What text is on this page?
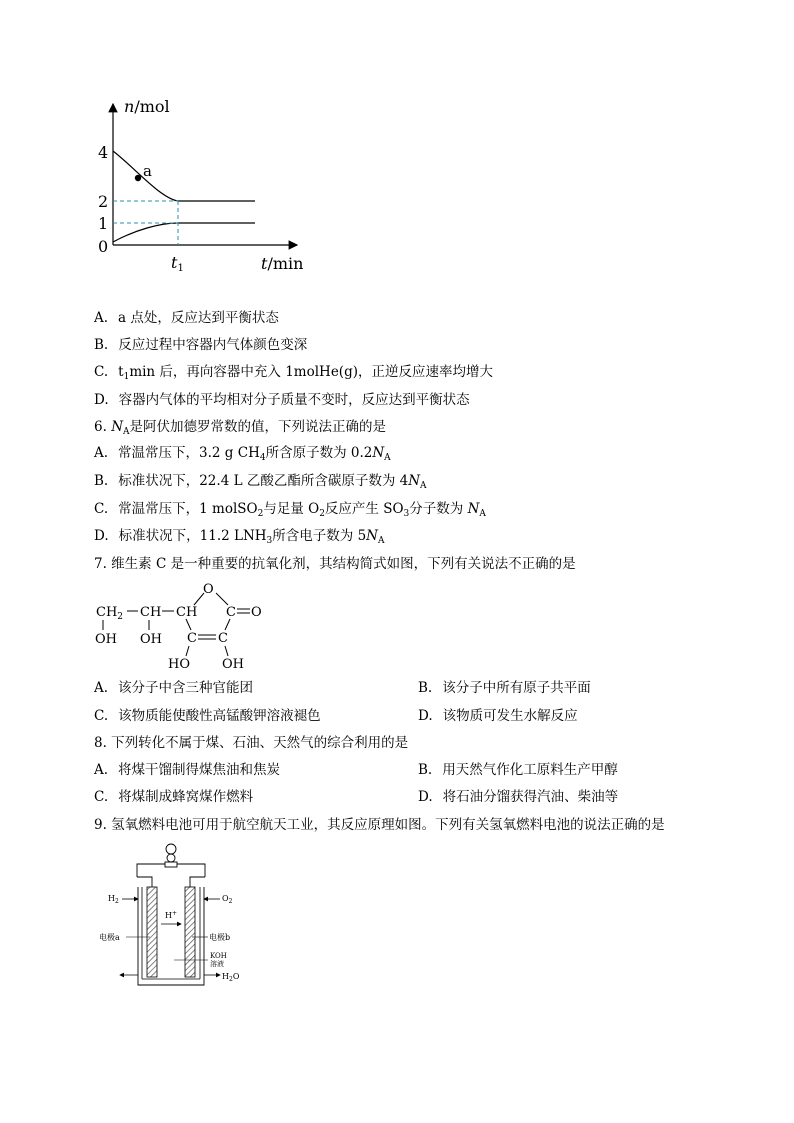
n/mol
4
2
1
0
a
t1	t/min
A. a 点处，反应达到平衡状态
B. 反应过程中容器内气体颜色变深
C. $t_1\min$ 后，再向容器中充入 1molHe(g)，正逆反应速率均增大
D. 容器内气体的平均相对分子质量不变时，反应达到平衡状态
6. $N_A$是阿伏加德罗常数的值，下列说法正确的是
A. 常温常压下，3.2 g $CH_4$所含原子数为 $0.2N_A$
B. 标准状况下，22.4 L 乙酸乙酯所含碳原子数为 $4N_A$
C. 常温常压下，1 molSO$_2$与足量 $O_2$反应产生 $SO_3$分子数为 $N_A$
D. 标准状况下，11.2 $LNH_3$所含电子数为 $5N_A$
7. 维生素 C 是一种重要的抗氧化剂，其结构简式如图，下列有关说法不正确的是
$CH_2$ CH CH
O
C O
C C
OH OH
HO OH
A. 该分子中含三种官能团	B. 该分子中所有原子共平面
C. 该物质能使酸性高锰酸钾溶液褪色	D. 该物质可发生水解反应
8. 下列转化不属于煤、石油、天然气的综合利用的是
A. 将煤干馏制得煤焦油和焦炭	B. 用天然气作化工原料生产甲醇
C. 将煤制成蜂窝煤作燃料	D. 将石油分馏获得汽油、柴油等
9. 氢氧燃料电池可用于航空航天工业，其反应原理如图。下列有关氢氧燃料电池的说法正确的是
$H_2$	$O_2$
H+
电极a	电极b
KOH
溶液
$H_2O$
